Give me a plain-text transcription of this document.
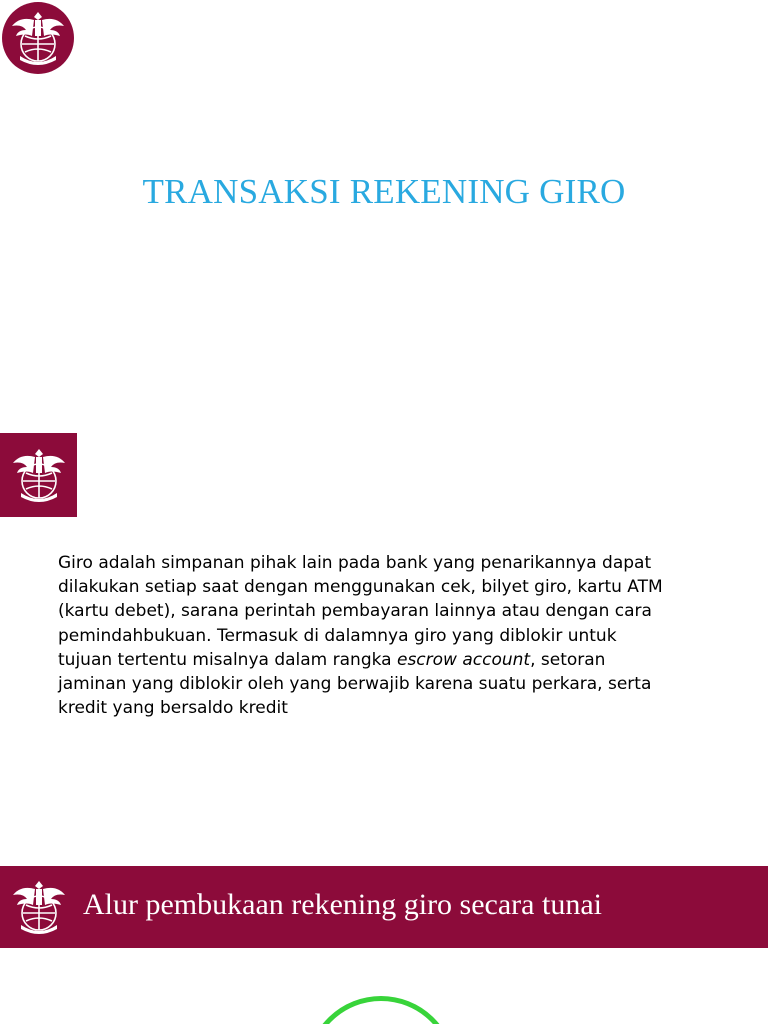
TRANSAKSI REKENING GIRO
Giro adalah simpanan pihak lain pada bank yang penarikannya dapat
dilakukan setiap saat dengan menggunakan cek, bilyet giro, kartu ATM
(kartu debet), sarana perintah pembayaran lainnya atau dengan cara
pemindahbukuan. Termasuk di dalamnya giro yang diblokir untuk
tujuan tertentu misalnya dalam rangka escrow account, setoran
jaminan yang diblokir oleh yang berwajib karena suatu perkara, serta
kredit yang bersaldo kredit
Alur pembukaan rekening giro secara tunai
